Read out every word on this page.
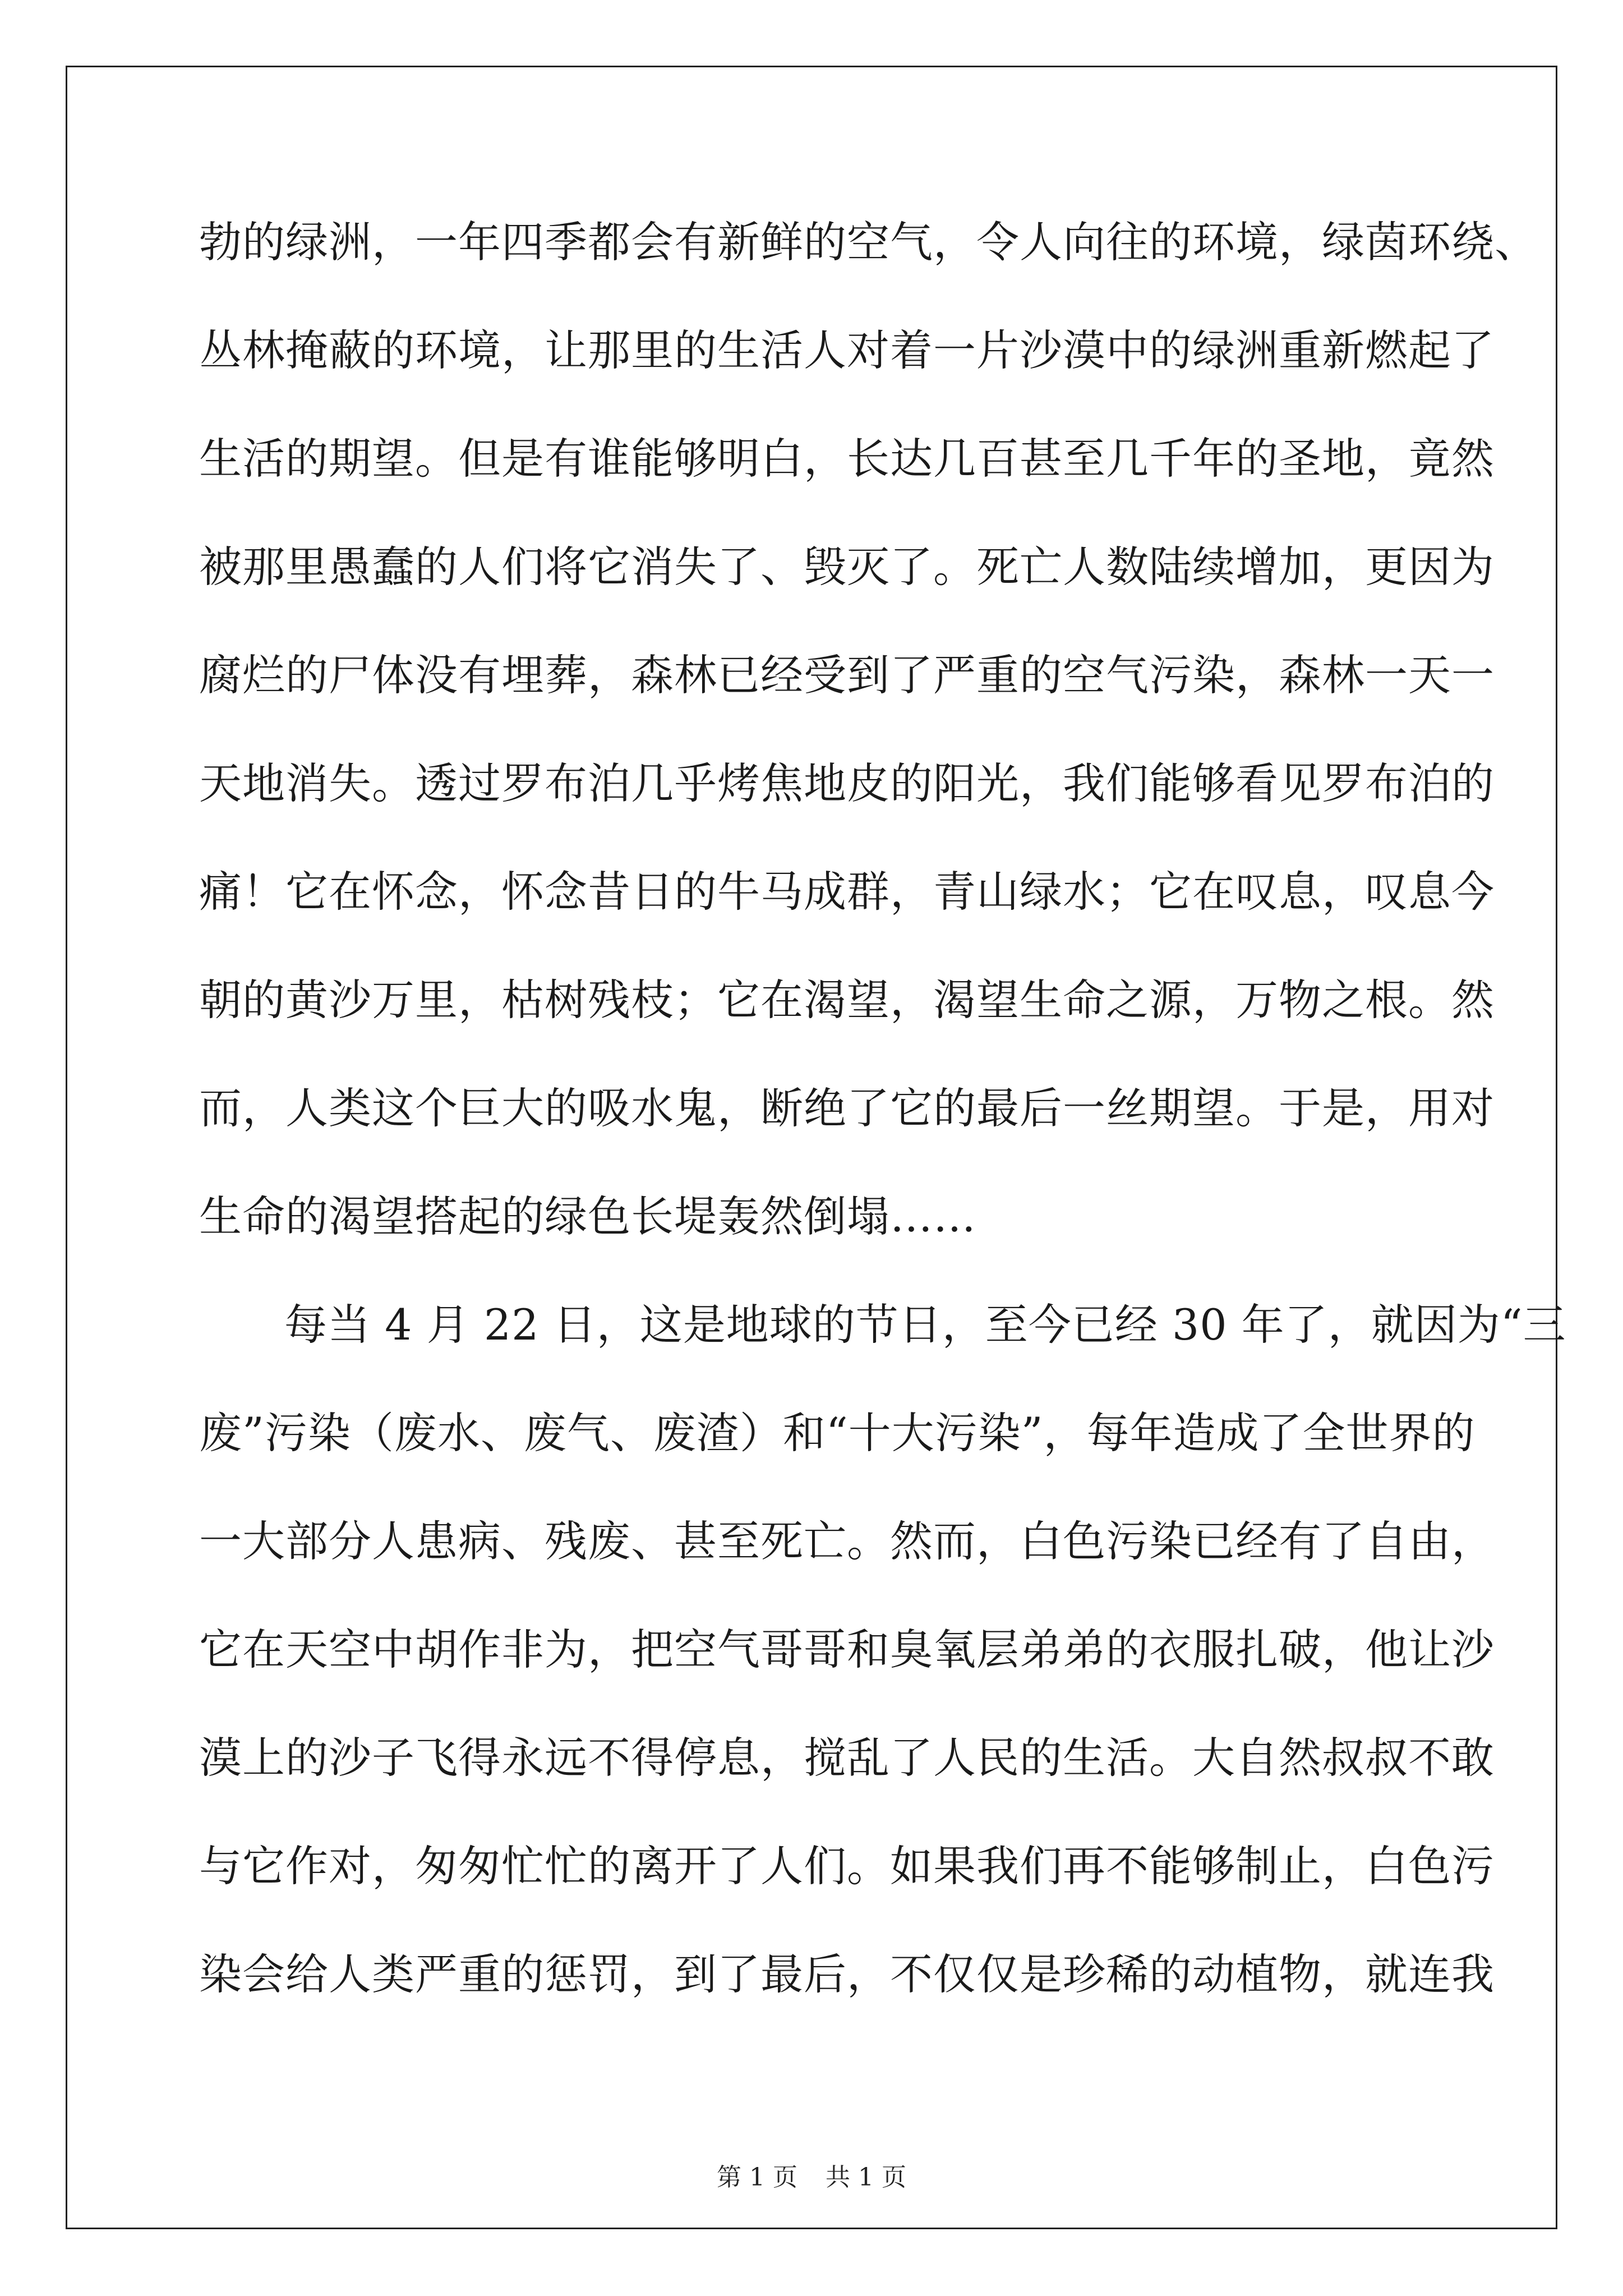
勃的绿洲，一年四季都会有新鲜的空气，令人向往的环境，绿茵环绕、
丛林掩蔽的环境，让那里的生活人对着一片沙漠中的绿洲重新燃起了
生活的期望。但是有谁能够明白，长达几百甚至几千年的圣地，竟然
被那里愚蠢的人们将它消失了、毁灭了。死亡人数陆续增加，更因为
腐烂的尸体没有埋葬，森林已经受到了严重的空气污染，森林一天一
天地消失。透过罗布泊几乎烤焦地皮的阳光，我们能够看见罗布泊的
痛！它在怀念，怀念昔日的牛马成群，青山绿水；它在叹息，叹息今
朝的黄沙万里，枯树残枝；它在渴望，渴望生命之源，万物之根。然
而，人类这个巨大的吸水鬼，断绝了它的最后一丝期望。于是，用对
生命的渴望搭起的绿色长堤轰然倒塌……
每当 4 月 22 日，这是地球的节日，至今已经 30 年了，就因为“三
废”污染（废水、废气、废渣）和“十大污染”，每年造成了全世界的
一大部分人患病、残废、甚至死亡。然而，白色污染已经有了自由，
它在天空中胡作非为，把空气哥哥和臭氧层弟弟的衣服扎破，他让沙
漠上的沙子飞得永远不得停息，搅乱了人民的生活。大自然叔叔不敢
与它作对，匆匆忙忙的离开了人们。如果我们再不能够制止，白色污
染会给人类严重的惩罚，到了最后，不仅仅是珍稀的动植物，就连我
第 1 页 共 1 页
